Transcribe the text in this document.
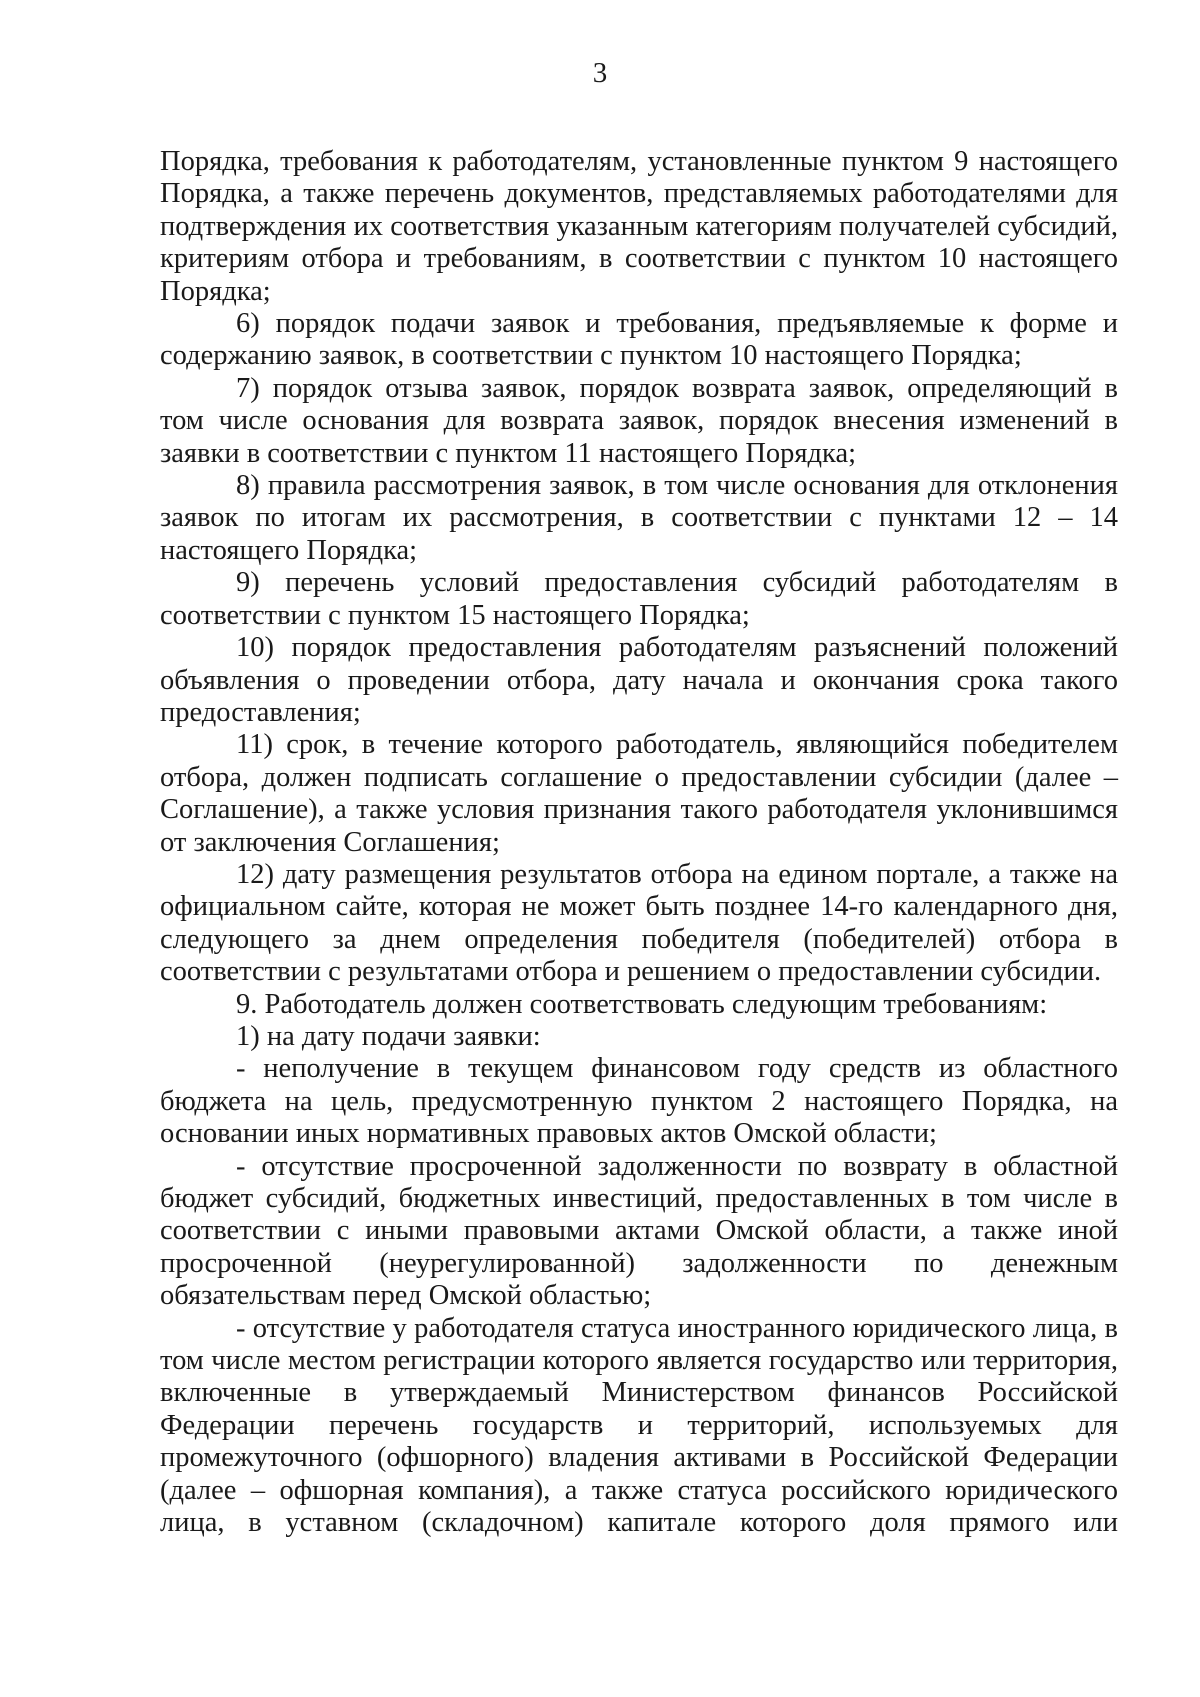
3

Порядка, требования к работодателям, установленные пунктом 9 настоящего Порядка, а также перечень документов, представляемых работодателями для подтверждения их соответствия указанным категориям получателей субсидий, критериям отбора и требованиям, в соответствии с пунктом 10 настоящего Порядка;

6) порядок подачи заявок и требования, предъявляемые к форме и содержанию заявок, в соответствии с пунктом 10 настоящего Порядка;

7) порядок отзыва заявок, порядок возврата заявок, определяющий в том числе основания для возврата заявок, порядок внесения изменений в заявки в соответствии с пунктом 11 настоящего Порядка;

8) правила рассмотрения заявок, в том числе основания для отклонения заявок по итогам их рассмотрения, в соответствии с пунктами 12 – 14 настоящего Порядка;

9) перечень условий предоставления субсидий работодателям в соответствии с пунктом 15 настоящего Порядка;

10) порядок предоставления работодателям разъяснений положений объявления о проведении отбора, дату начала и окончания срока такого предоставления;

11) срок, в течение которого работодатель, являющийся победителем отбора, должен подписать соглашение о предоставлении субсидии (далее – Соглашение), а также условия признания такого работодателя уклонившимся от заключения Соглашения;

12) дату размещения результатов отбора на едином портале, а также на официальном сайте, которая не может быть позднее 14-го календарного дня, следующего за днем определения победителя (победителей) отбора в соответствии с результатами отбора и решением о предоставлении субсидии.

9. Работодатель должен соответствовать следующим требованиям:

1) на дату подачи заявки:

- неполучение в текущем финансовом году средств из областного бюджета на цель, предусмотренную пунктом 2 настоящего Порядка, на основании иных нормативных правовых актов Омской области;

- отсутствие просроченной задолженности по возврату в областной бюджет субсидий, бюджетных инвестиций, предоставленных в том числе в соответствии с иными правовыми актами Омской области, а также иной просроченной (неурегулированной) задолженности по денежным обязательствам перед Омской областью;

- отсутствие у работодателя статуса иностранного юридического лица, в том числе местом регистрации которого является государство или территория, включенные в утверждаемый Министерством финансов Российской Федерации перечень государств и территорий, используемых для промежуточного (офшорного) владения активами в Российской Федерации (далее – офшорная компания), а также статуса российского юридического лица, в уставном (складочном) капитале которого доля прямого или
